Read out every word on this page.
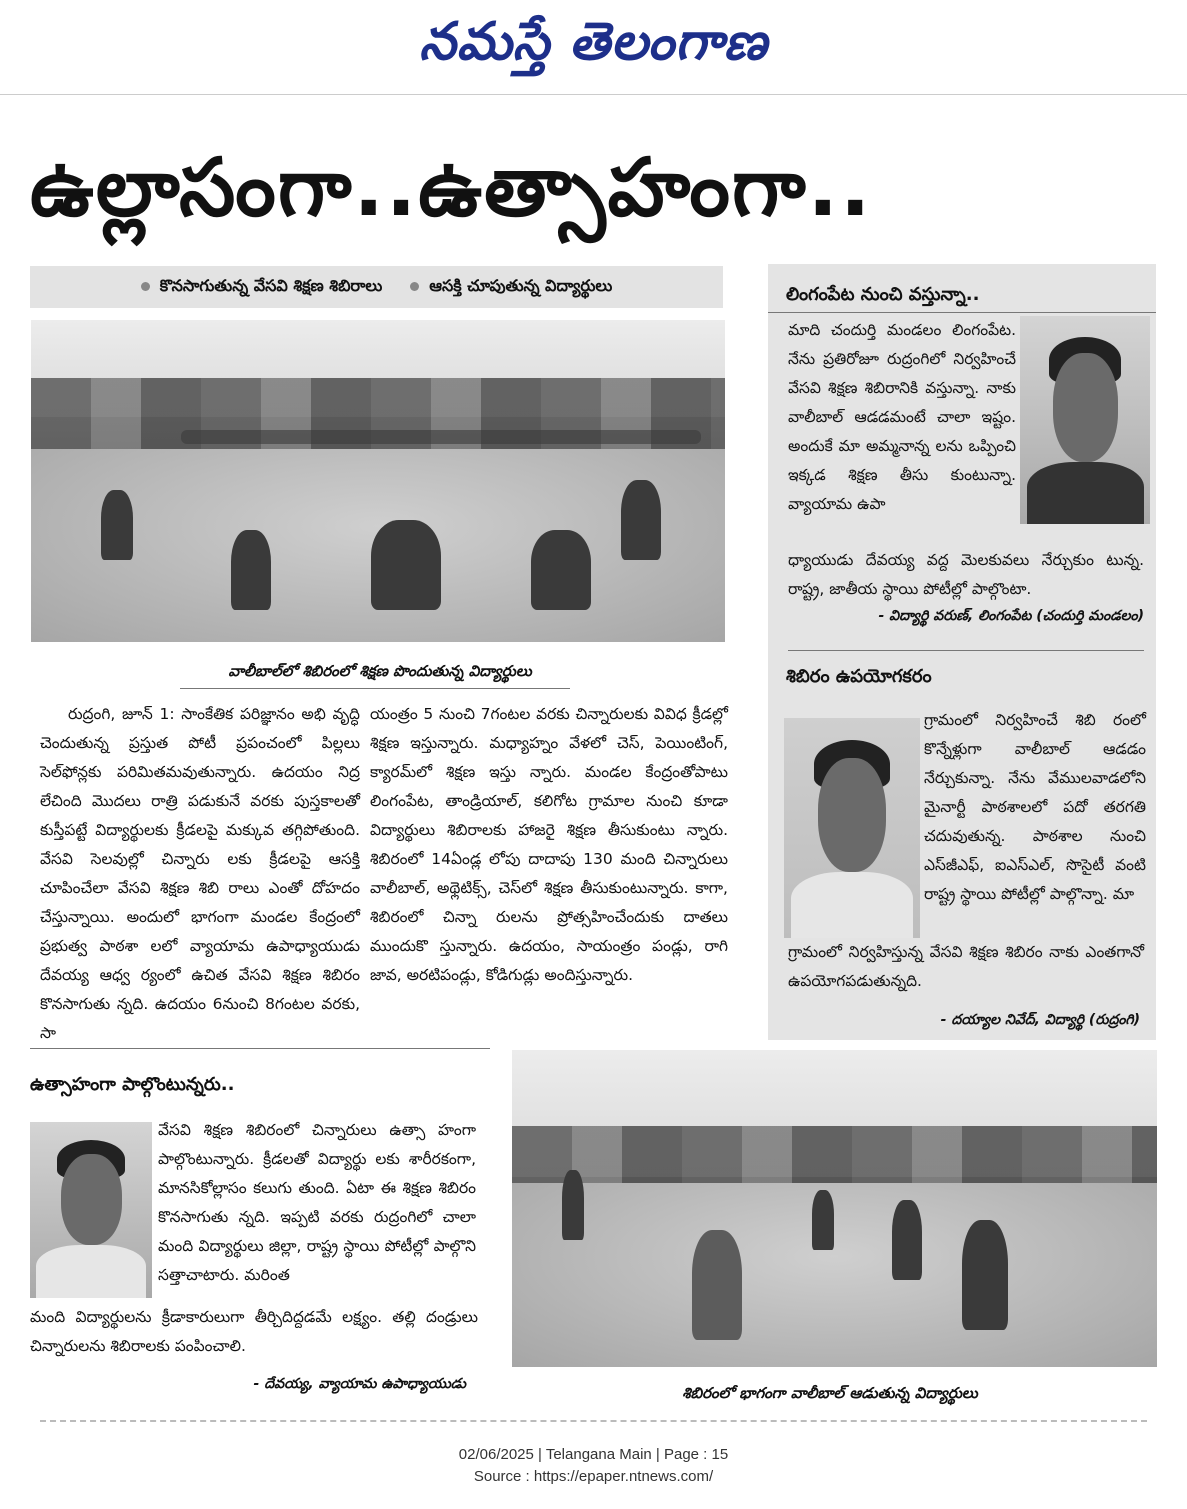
నమస్తే తెలంగాణ
ఉల్లాసంగా..ఉత్సాహంగా..
కొనసాగుతున్న వేసవి శిక్షణ శిబిరాలు	ఆసక్తి చూపుతున్న విద్యార్థులు
వాలీబాల్‌లో శిబిరంలో శిక్షణ పొందుతున్న విద్యార్థులు

రుద్రంగి, జూన్ 1: సాంకేతిక పరిజ్ఞానం అభి వృద్ధి చెందుతున్న ప్రస్తుత పోటీ ప్రపంచంలో పిల్లలు సెల్‌ఫోన్లకు పరిమితమవుతున్నారు. ఉదయం నిద్ర లేచింది మొదలు రాత్రి పడుకునే వరకు పుస్తకాలతో కుస్తీపట్టే విద్యార్థులకు క్రీడలపై మక్కువ తగ్గిపోతుంది. వేసవి సెలవుల్లో చిన్నారు లకు క్రీడలపై ఆసక్తి చూపించేలా వేసవి శిక్షణ శిబి రాలు ఎంతో దోహదం చేస్తున్నాయి. అందులో భాగంగా మండల కేంద్రంలో ప్రభుత్వ పాఠశా లలో వ్యాయామ ఉపాధ్యాయుడు దేవయ్య ఆధ్వ ర్యంలో ఉచిత వేసవి శిక్షణ శిబిరం కొనసాగుతు న్నది. ఉదయం 6నుంచి 8గంటల వరకు, సా

యంత్రం 5 నుంచి 7గంటల వరకు చిన్నారులకు వివిధ క్రీడల్లో శిక్షణ ఇస్తున్నారు. మధ్యాహ్నం వేళలో చెస్, పెయింటింగ్, క్యారమ్‌లో శిక్షణ ఇస్తు న్నారు. మండల కేంద్రంతోపాటు లింగంపేట, తాండ్రియాల్, కలిగోట గ్రామాల నుంచి కూడా విద్యార్థులు శిబిరాలకు హాజరై శిక్షణ తీసుకుంటు న్నారు. శిబిరంలో 14ఏండ్ల లోపు దాదాపు 130 మంది చిన్నారులు వాలీబాల్, అథ్లెటిక్స్, చెస్‌లో శిక్షణ తీసుకుంటున్నారు. కాగా, శిబిరంలో చిన్నా రులను ప్రోత్సహించేందుకు దాతలు ముందుకొ స్తున్నారు. ఉదయం, సాయంత్రం పండ్లు, రాగి జావ, అరటిపండ్లు, కోడిగుడ్లు అందిస్తున్నారు.

లింగంపేట నుంచి వస్తున్నా..
మాది చందుర్తి మండలం లింగంపేట. నేను ప్రతిరోజూ రుద్రంగిలో నిర్వహించే వేసవి శిక్షణ శిబిరానికి వస్తున్నా. నాకు వాలీబాల్ ఆడడమంటే చాలా ఇష్టం. అందుకే మా అమ్మనాన్న లను ఒప్పించి ఇక్కడ శిక్షణ తీసు కుంటున్నా. వ్యాయామ ఉపా
ధ్యాయుడు దేవయ్య వద్ద మెలకువలు నేర్చుకుం టున్న. రాష్ట్ర, జాతీయ స్థాయి పోటీల్లో పాల్గొంటా.
- విద్యార్థి వరుణ్, లింగంపేట (చందుర్తి మండలం)
శిబిరం ఉపయోగకరం
గ్రామంలో నిర్వహించే శిబి రంలో కొన్నేళ్లుగా వాలీబాల్ ఆడడం నేర్చుకున్నా. నేను వేములవాడలోని మైనార్టీ పాఠశాలలో పదో తరగతి చదువుతున్న. పాఠశాల నుంచి ఎస్‌జీఎఫ్, ఐఎస్ఎల్, సొసైటీ వంటి రాష్ట్ర స్థాయి పోటీల్లో పాల్గొన్నా. మా
గ్రామంలో నిర్వహిస్తున్న వేసవి శిక్షణ శిబిరం నాకు ఎంతగానో ఉపయోగపడుతున్నది.
- దయ్యాల నివేద్, విద్యార్థి (రుద్రంగి)
ఉత్సాహంగా పాల్గొంటున్నరు..
వేసవి శిక్షణ శిబిరంలో చిన్నారులు ఉత్సా హంగా పాల్గొంటున్నారు. క్రీడలతో విద్యార్థు లకు శారీరకంగా, మానసికోల్లాసం కలుగు తుంది. ఏటా ఈ శిక్షణ శిబిరం కొనసాగుతు న్నది. ఇప్పటి వరకు రుద్రంగిలో చాలా మంది విద్యార్థులు జిల్లా, రాష్ట్ర స్థాయి పోటీల్లో పాల్గొని సత్తాచాటారు. మరింత
మంది విద్యార్థులను క్రీడాకారులుగా తీర్చిదిద్దడమే లక్ష్యం. తల్లి దండ్రులు చిన్నారులను శిబిరాలకు పంపించాలి.
- దేవయ్య, వ్యాయామ ఉపాధ్యాయుడు	శిబిరంలో భాగంగా వాలీబాల్ ఆడుతున్న విద్యార్థులు
02/06/2025 | Telangana Main | Page : 15
Source : https://epaper.ntnews.com/
